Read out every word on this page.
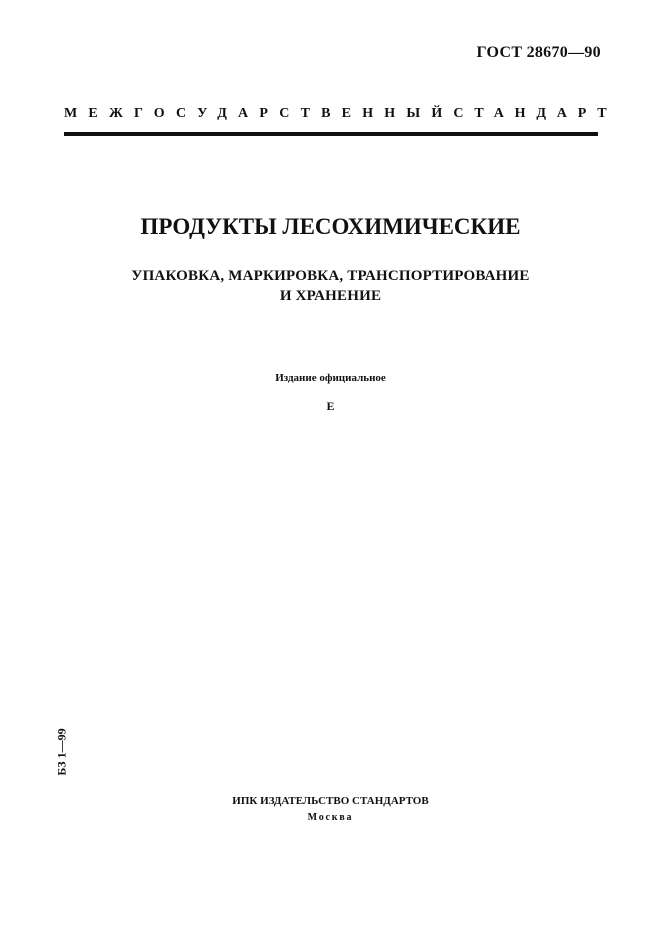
ГОСТ 28670—90
МЕЖГОСУДАРСТВЕННЫЙ СТАНДАРТ
ПРОДУКТЫ ЛЕСОХИМИЧЕСКИЕ
УПАКОВКА, МАРКИРОВКА, ТРАНСПОРТИРОВАНИЕ
И ХРАНЕНИЕ
Издание официальное
Е
БЗ 1—99
ИПК ИЗДАТЕЛЬСТВО СТАНДАРТОВ
Москва
